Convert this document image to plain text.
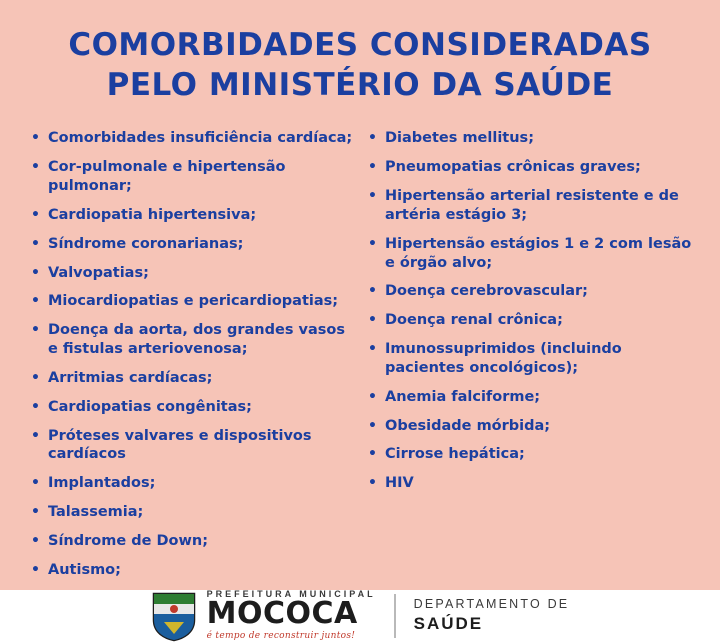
COMORBIDADES CONSIDERADAS
PELO MINISTÉRIO DA SAÚDE
• Comorbidades insuficiência cardíaca;
• Cor-pulmonale e hipertensão pulmonar;
• Cardiopatia hipertensiva;
• Síndrome coronarianas;
• Valvopatias;
• Miocardiopatias e pericardiopatias;
• Doença da aorta, dos grandes vasos e fistulas arteriovenosa;
• Arritmias cardíacas;
• Cardiopatias congênitas;
• Próteses valvares e dispositivos cardíacos
• Implantados;
• Talassemia;
• Síndrome de Down;
• Autismo;
• Diabetes mellitus;
• Pneumopatias crônicas graves;
• Hipertensão arterial resistente e de artéria estágio 3;
• Hipertensão estágios 1 e 2 com lesão e órgão alvo;
• Doença cerebrovascular;
• Doença renal crônica;
• Imunossuprimidos (incluindo pacientes oncológicos);
• Anemia falciforme;
• Obesidade mórbida;
• Cirrose hepática;
• HIV
PREFEITURA MUNICIPAL
MOCOCA
é tempo de reconstruir juntos!
DEPARTAMENTO DE
SAÚDE
